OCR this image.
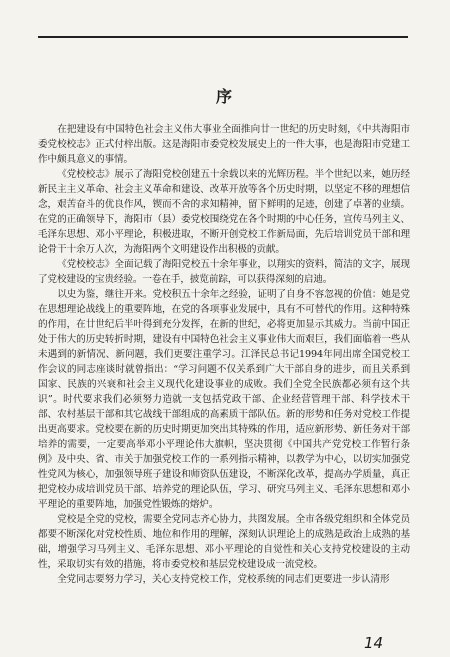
序

在把建设有中国特色社会主义伟大事业全面推向廿一世纪的历史时刻，《中共海阳市委党校校志》正式付梓出版。这是海阳市委党校发展史上的一件大事，也是海阳市党建工作中颇具意义的事情。

《党校校志》展示了海阳党校创建五十余载以来的光辉历程。半个世纪以来，她历经新民主主义革命、社会主义革命和建设、改革开放等各个历史时期，以坚定不移的理想信念，艰苦奋斗的优良作风，锲而不舍的求知精神，留下鲜明的足迹，创建了卓著的业绩。在党的正确领导下，海阳市（县）委党校围绕党在各个时期的中心任务，宣传马列主义、毛泽东思想、邓小平理论，积极进取，不断开创党校工作新局面，先后培训党员干部和理论骨干十余万人次，为海阳两个文明建设作出积极的贡献。

《党校校志》全面记载了海阳党校五十余年事业，以翔实的资料，简洁的文字，展现了党校建设的宝贵经验。一卷在手，披览前踪，可以获得深刻的启迪。

以史为鉴，继往开来。党校积五十余年之经验，证明了自身不容忽视的价值：她是党在思想理论战线上的重要阵地，在党的各项事业发展中，具有不可替代的作用。这种特殊的作用，在廿世纪后半叶得到充分发挥，在新的世纪，必将更加显示其威力。当前中国正处于伟大的历史转折时期，建设有中国特色社会主义事业伟大而艰巨，我们面临着一些从未遇到的新情况、新问题，我们更要注重学习。江泽民总书记1994年同出席全国党校工作会议的同志座谈时就曾指出：“学习问题不仅关系到广大干部自身的进步，而且关系到国家、民族的兴衰和社会主义现代化建设事业的成败。我们全党全民族都必须有这个共识”。时代要求我们必须努力造就一支包括党政干部、企业经营管理干部、科学技术干部、农村基层干部和其它战线干部组成的高素质干部队伍。新的形势和任务对党校工作提出更高要求。党校要在新的历史时期更加突出其特殊的作用，适应新形势、新任务对干部培养的需要，一定要高举邓小平理论伟大旗帜，坚决贯彻《中国共产党党校工作暂行条例》及中央、省、市关于加强党校工作的一系列指示精神，以教学为中心，以切实加强党性党风为核心，加强领导班子建设和师资队伍建设，不断深化改革，提高办学质量，真正把党校办成培训党员干部、培养党的理论队伍，学习、研究马列主义、毛泽东思想和邓小平理论的重要阵地，加强党性锻炼的熔炉。

党校是全党的党校，需要全党同志齐心协力，共图发展。全市各级党组织和全体党员都要不断深化对党校性质、地位和作用的理解，深刻认识理论上的成熟是政治上成熟的基础，增强学习马列主义、毛泽东思想、邓小平理论的自觉性和关心支持党校建设的主动性，采取切实有效的措施，将市委党校和基层党校建设成一流党校。

全党同志要努力学习，关心支持党校工作，党校系统的同志们更要进一步认清形

14
